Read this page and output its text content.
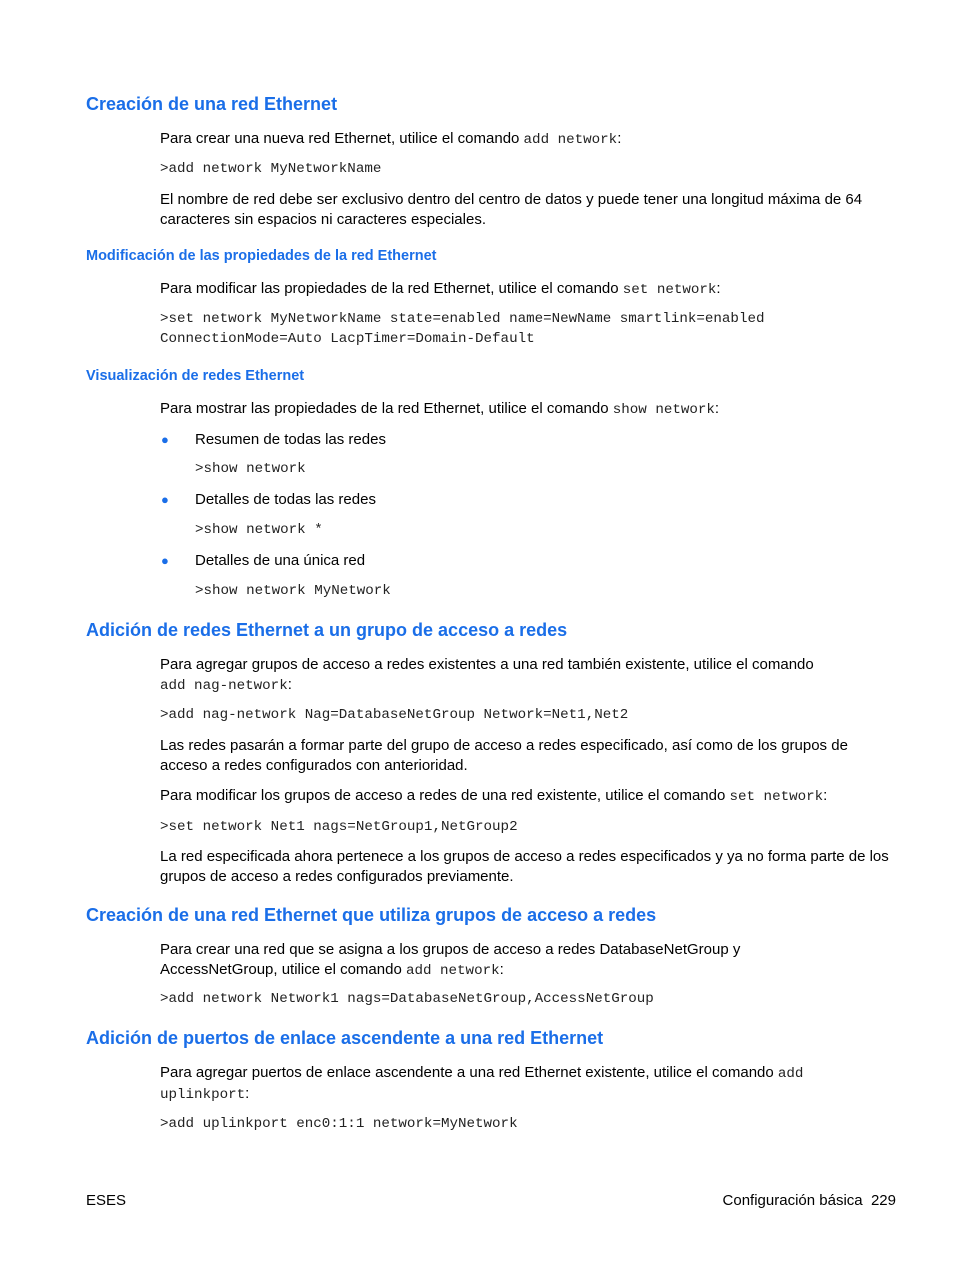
Creación de una red Ethernet
Para crear una nueva red Ethernet, utilice el comando add network:
>add network MyNetworkName
El nombre de red debe ser exclusivo dentro del centro de datos y puede tener una longitud máxima de 64 caracteres sin espacios ni caracteres especiales.
Modificación de las propiedades de la red Ethernet
Para modificar las propiedades de la red Ethernet, utilice el comando set network:
>set network MyNetworkName state=enabled name=NewName smartlink=enabled
ConnectionMode=Auto LacpTimer=Domain-Default
Visualización de redes Ethernet
Para mostrar las propiedades de la red Ethernet, utilice el comando show network:
● Resumen de todas las redes
>show network
● Detalles de todas las redes
>show network *
● Detalles de una única red
>show network MyNetwork
Adición de redes Ethernet a un grupo de acceso a redes
Para agregar grupos de acceso a redes existentes a una red también existente, utilice el comando
add nag-network:
>add nag-network Nag=DatabaseNetGroup Network=Net1,Net2
Las redes pasarán a formar parte del grupo de acceso a redes especificado, así como de los grupos de acceso a redes configurados con anterioridad.
Para modificar los grupos de acceso a redes de una red existente, utilice el comando set network:
>set network Net1 nags=NetGroup1,NetGroup2
La red especificada ahora pertenece a los grupos de acceso a redes especificados y ya no forma parte de los grupos de acceso a redes configurados previamente.
Creación de una red Ethernet que utiliza grupos de acceso a redes
Para crear una red que se asigna a los grupos de acceso a redes DatabaseNetGroup y
AccessNetGroup, utilice el comando add network:
>add network Network1 nags=DatabaseNetGroup,AccessNetGroup
Adición de puertos de enlace ascendente a una red Ethernet
Para agregar puertos de enlace ascendente a una red Ethernet existente, utilice el comando add
uplinkport:
>add uplinkport enc0:1:1 network=MyNetwork
ESES	Configuración básica 229
